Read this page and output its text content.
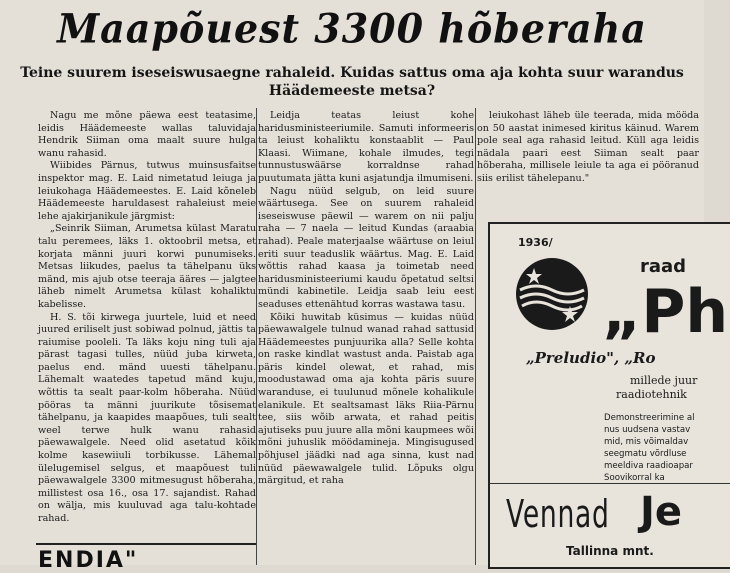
Maapõuest 3300 hõberaha
Teine suurem iseseiswusaegne rahaleid. Kuidas sattus oma aja kohta suur warandus Häädemeeste metsa?

Nagu me mõne päewa eest teatasime, leidis Häädemeeste wallas taluvidaja Hendrik Siiman oma maalt suure hulga wanu rahasid.

Wiibides Pärnus, tutwus muinsusfaitse inspektor mag. E. Laid nimetatud leiuga ja leiukohaga Häädemeestes. E. Laid kõneleb Häädemeeste haruldasest rahaleiust meie lehe ajakirjanikule järgmist:

„Seinrik Siiman, Arumetsa külast Maratu talu peremees, läks 1. oktoobril metsa, et korjata männi juuri korwi punumiseks. Metsas liikudes, paelus ta tähelpanu üks mänd, mis ajub otse teeraja ääres — jalgtee läheb nimelt Arumetsa külast kohaliktu kabelisse.

H. S. tõi kirwega juurtele, luid et need juured eriliselt just sobiwad polnud, jättis ta raiumise pooleli. Ta läks koju ning tuli aja pärast tagasi tulles, nüüd juba kirweta, paelus end. mänd uuesti tähelpanu. Lähemalt waatedes tapetud mänd kuju, wõttis ta sealt paar-kolm hõberaha. Nüüd pööras ta männi juurikute tõsisemat tähelpanu, ja kaapides maapõues, tuli sealt weel terwe hulk wanu rahasid päewawalgele. Need olid asetatud kõik kolme kasewiiuli torbikusse. Lähemal ülelugemisel selgus, et maapõuest tuli päewawalgele 3300 mitmesugust hõberaha, millistest osa 16., osa 17. sajandist. Rahad on wälja, mis kuuluvad aga talu-kohtade rahad.

Leidja teatas leiust kohe haridusministeeriumile. Samuti informeeris ta leiust kohaliktu konstaablit — Paul Klaasi. Wiimane, kohale ilmudes, tegi tunnustuswäärse korraldnse rahad puutumata jätta kuni asjatundja ilmumiseni.

Nagu nüüd selgub, on leid suure wäärtusega. See on suurem rahaleid iseseiswuse päewil — warem on nii palju raha — 7 naela — leitud Kundas (araabia rahad). Peale materjaalse wäärtuse on leiul eriti suur teaduslik wäärtus. Mag. E. Laid wõttis rahad kaasa ja toimetab need haridusministeeriumi kaudu õpetatud seltsi mündi kabinetile. Leidja saab leiu eest seaduses ettenähtud korras wastawa tasu.

Kõiki huwitab küsimus — kuidas nüüd päewawalgele tulnud wanad rahad sattusid Häädemeestes punjuurika alla? Selle kohta on raske kindlat wastust anda. Paistab aga päris kindel olewat, et rahad, mis moodustawad oma aja kohta päris suure waranduse, ei tuulunud mõnele kohalikule elanikule. Et sealtsamast läks Riia-Pärnu tee, siis wõib arwata, et rahad peitis ajutiseks puu juure alla mõni kaupmees wõi mõni juhuslik möödamineja. Mingisugused põhjusel jäädki nad aga sinna, kust nad nüüd päewawalgele tulid. Lõpuks olgu märgitud, et raha

leiukohast läheb üle teerada, mida mööda on 50 aastat inimesed kiritus käinud. Warem pole seal aga rahasid leitud. Küll aga leidis nädala paari eest Siiman sealt paar hõberaha, millisele leiule ta aga ei pööranud siis erilist tähelepanu."

ENDIA"
1936/
raad
„Ph
„Preludio", „Ro
millede juur
raadiotehnik
Demonstreerimine al
nus uudsena vastav
mid, mis võimaldav
seegmatu võrdluse
meeldiva raadioapar
Soovikorral ka
Vennad Je
Tallinna mnt.
